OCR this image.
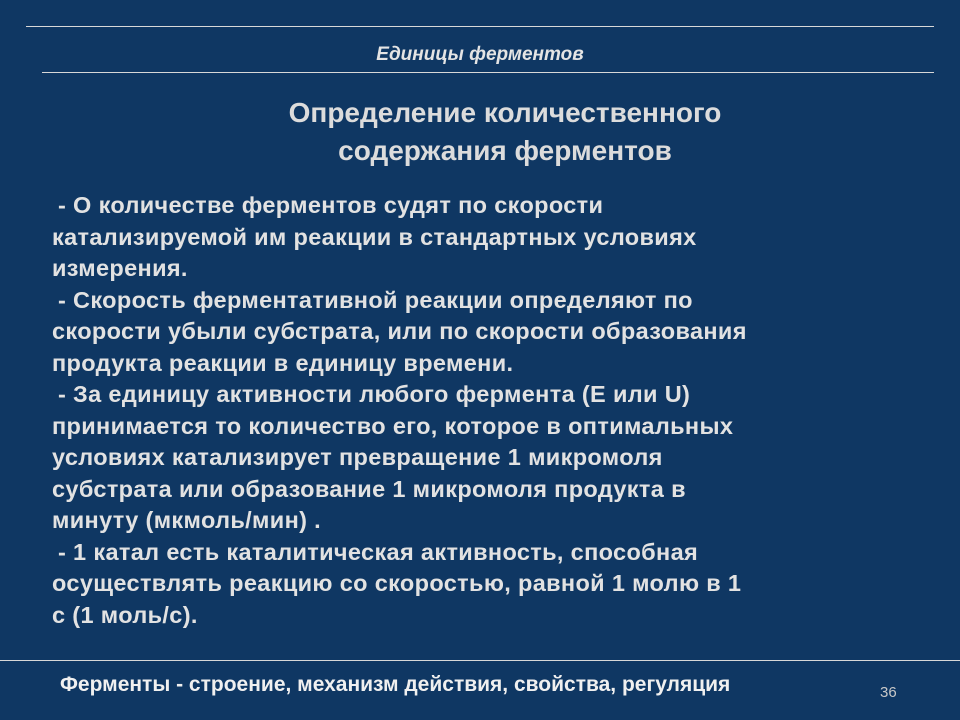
Единицы ферментов
Определение количественного
содержания ферментов
- О количестве ферментов судят по скорости
катализируемой им реакции в стандартных условиях
измерения.
- Скорость ферментативной реакции определяют по
скорости убыли субстрата, или по скорости образования
продукта реакции в единицу времени.
- За единицу активности любого фермента (Е или U)
принимается то количество его, которое в оптимальных
условиях катализирует превращение 1 микромоля
субстрата или образование 1 микромоля продукта в
минуту (мкмоль/мин) .
- 1 катал есть каталитическая активность, способная
осуществлять реакцию со скоростью, равной 1 молю в 1
с (1 моль/с).
Ферменты - строение, механизм действия, свойства, регуляция	36
